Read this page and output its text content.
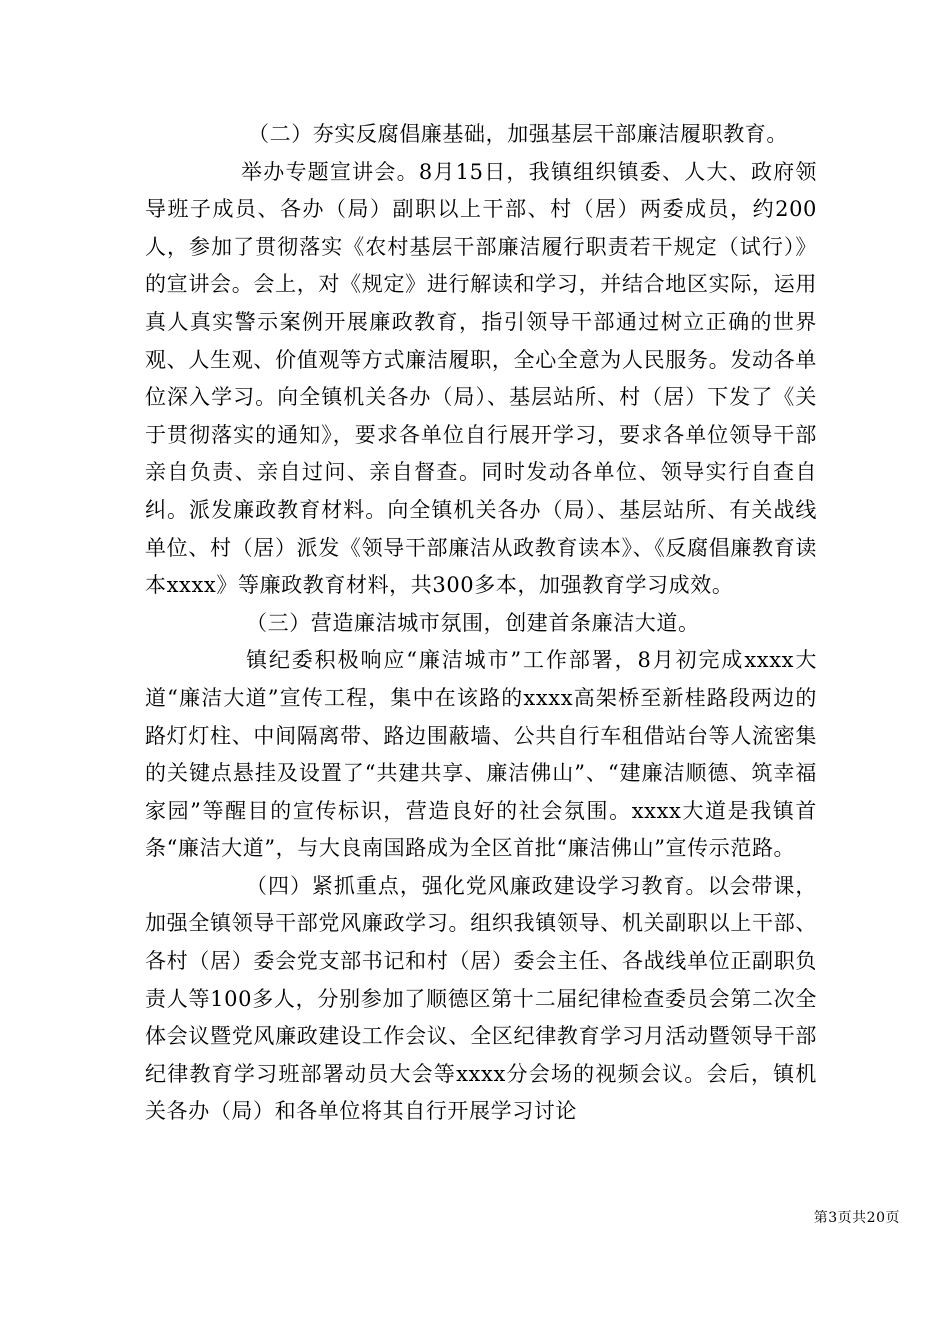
（二）夯实反腐倡廉基础，加强基层干部廉洁履职教育。

举办专题宣讲会。8月15日，我镇组织镇委、人大、政府领导班子成员、各办（局）副职以上干部、村（居）两委成员，约200人，参加了贯彻落实《农村基层干部廉洁履行职责若干规定（试行）》的宣讲会。会上，对《规定》进行解读和学习，并结合地区实际，运用真人真实警示案例开展廉政教育，指引领导干部通过树立正确的世界观、人生观、价值观等方式廉洁履职，全心全意为人民服务。发动各单位深入学习。向全镇机关各办（局）、基层站所、村（居）下发了《关于贯彻落实的通知》，要求各单位自行展开学习，要求各单位领导干部亲自负责、亲自过问、亲自督查。同时发动各单位、领导实行自查自纠。派发廉政教育材料。向全镇机关各办（局）、基层站所、有关战线单位、村（居）派发《领导干部廉洁从政教育读本》、《反腐倡廉教育读本xxxx》等廉政教育材料，共300多本，加强教育学习成效。

（三）营造廉洁城市氛围，创建首条廉洁大道。

镇纪委积极响应“廉洁城市”工作部署，8月初完成xxxx大道“廉洁大道”宣传工程，集中在该路的xxxx高架桥至新桂路段两边的路灯灯柱、中间隔离带、路边围蔽墙、公共自行车租借站台等人流密集的关键点悬挂及设置了“共建共享、廉洁佛山”、“建廉洁顺德、筑幸福家园”等醒目的宣传标识，营造良好的社会氛围。xxxx大道是我镇首条“廉洁大道”，与大良南国路成为全区首批“廉洁佛山”宣传示范路。

（四）紧抓重点，强化党风廉政建设学习教育。以会带课，加强全镇领导干部党风廉政学习。组织我镇领导、机关副职以上干部、各村（居）委会党支部书记和村（居）委会主任、各战线单位正副职负责人等100多人，分别参加了顺德区第十二届纪律检查委员会第二次全体会议暨党风廉政建设工作会议、全区纪律教育学习月活动暨领导干部纪律教育学习班部署动员大会等xxxx分会场的视频会议。会后，镇机关各办（局）和各单位将其自行开展学习讨论

第3页共20页
